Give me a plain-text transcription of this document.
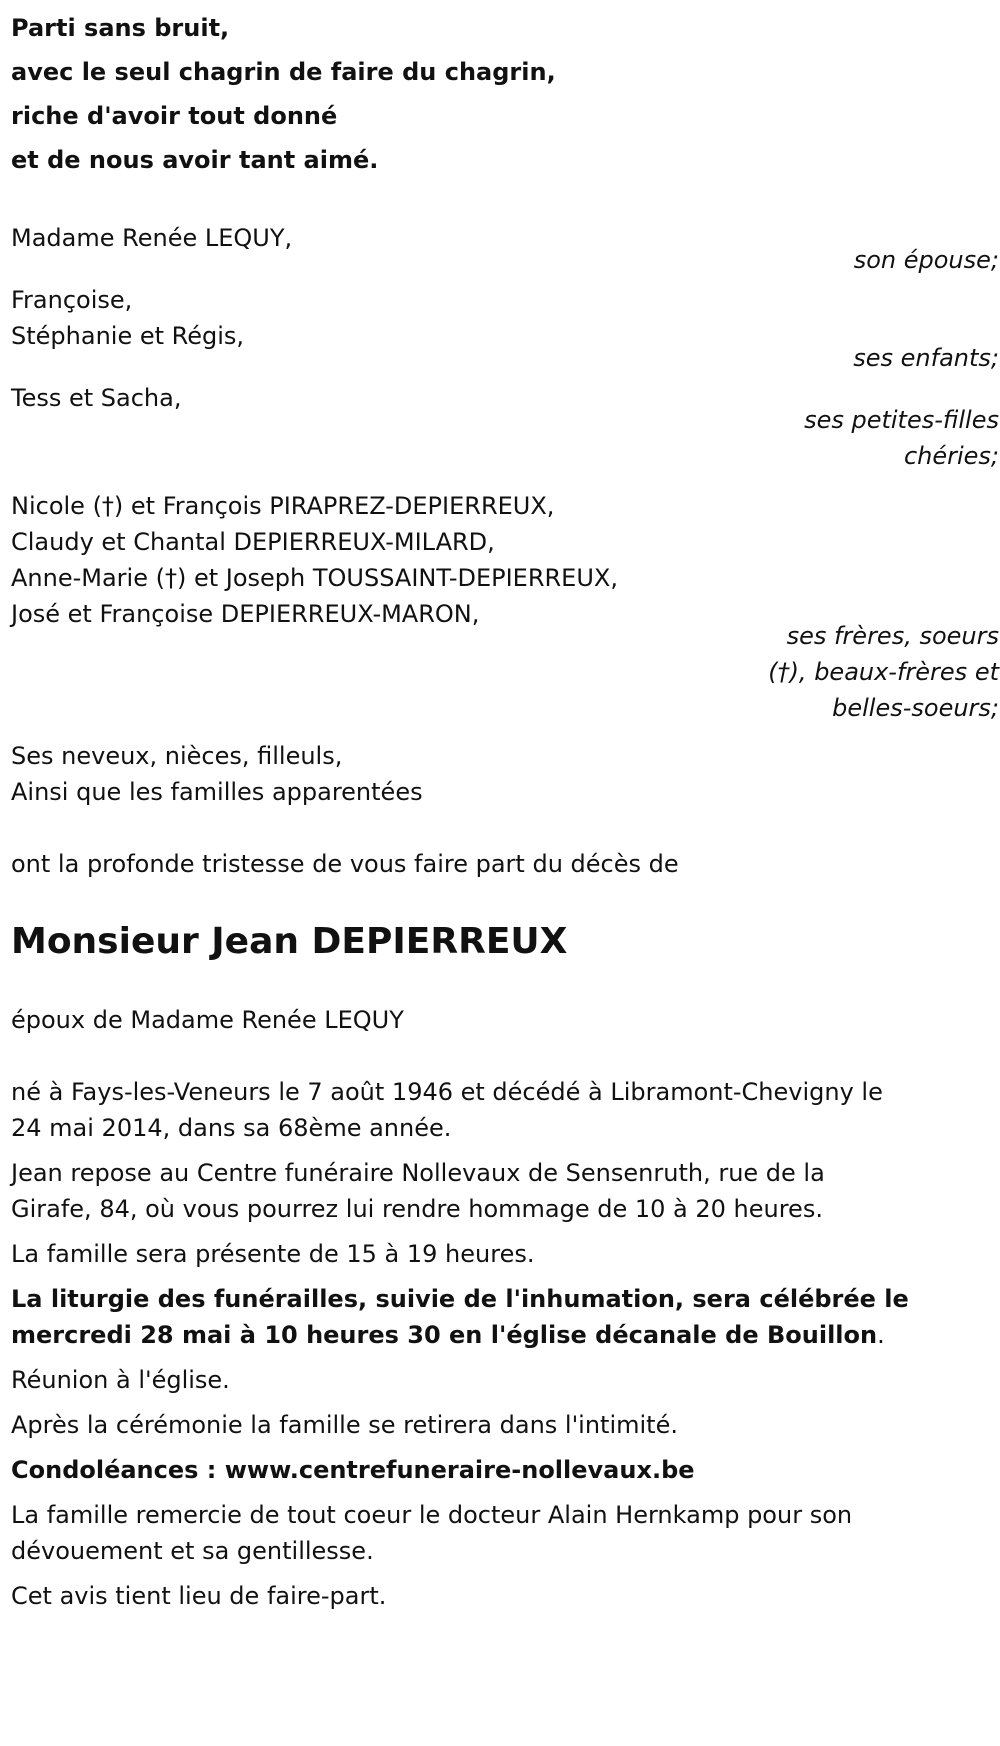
Parti sans bruit,

avec le seul chagrin de faire du chagrin,

riche d'avoir tout donné

et de nous avoir tant aimé.

Madame Renée LEQUY,
son épouse;
Françoise,
Stéphanie et Régis,
ses enfants;
Tess et Sacha,
ses petites-filles
chéries;
Nicole (†) et François PIRAPREZ-DEPIERREUX,
Claudy et Chantal DEPIERREUX-MILARD,
Anne-Marie (†) et Joseph TOUSSAINT-DEPIERREUX,
José et Françoise DEPIERREUX-MARON,
ses frères, soeurs
(†), beaux-frères et
belles-soeurs;
Ses neveux, nièces, filleuls,
Ainsi que les familles apparentées

ont la profonde tristesse de vous faire part du décès de

Monsieur Jean DEPIERREUX

époux de Madame Renée LEQUY

né à Fays-les-Veneurs le 7 août 1946 et décédé à Libramont-Chevigny le

24 mai 2014, dans sa 68ème année.

Jean repose au Centre funéraire Nollevaux de Sensenruth, rue de la

Girafe, 84, où vous pourrez lui rendre hommage de 10 à 20 heures.

La famille sera présente de 15 à 19 heures.

La liturgie des funérailles, suivie de l'inhumation, sera célébrée le

mercredi 28 mai à 10 heures 30 en l'église décanale de Bouillon.

Réunion à l'église.

Après la cérémonie la famille se retirera dans l'intimité.

Condoléances : www.centrefuneraire-nollevaux.be

La famille remercie de tout coeur le docteur Alain Hernkamp pour son

dévouement et sa gentillesse.

Cet avis tient lieu de faire-part.
